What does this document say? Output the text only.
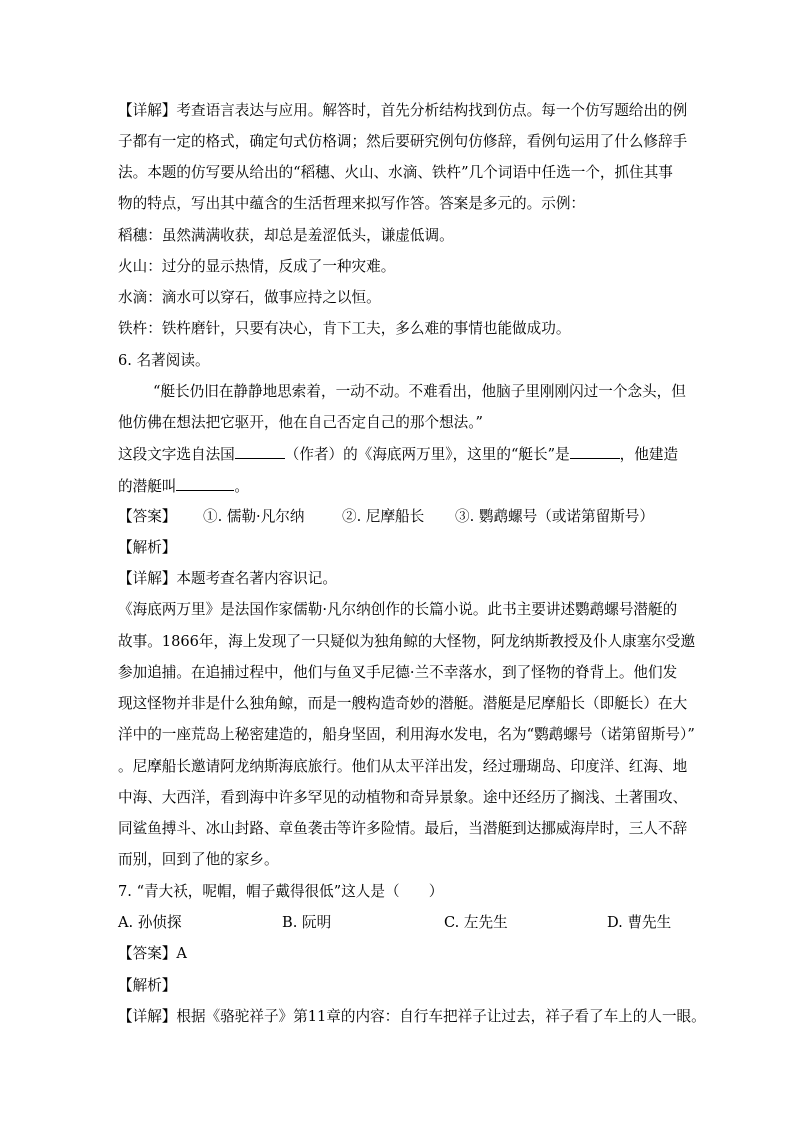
【详解】考查语言表达与应用。解答时，首先分析结构找到仿点。每一个仿写题给出的例
子都有一定的格式，确定句式仿格调；然后要研究例句仿修辞，看例句运用了什么修辞手
法。本题的仿写要从给出的“稻穗、火山、水滴、铁杵”几个词语中任选一个，抓住其事
物的特点，写出其中蕴含的生活哲理来拟写作答。答案是多元的。示例：
稻穗：虽然满满收获，却总是羞涩低头，谦虚低调。
火山：过分的显示热情，反成了一种灾难。
水滴：滴水可以穿石，做事应持之以恒。
铁杵：铁杵磨针，只要有决心，肯下工夫，多么难的事情也能做成功。
6. 名著阅读。
“艇长仍旧在静静地思索着，一动不动。不难看出，他脑子里刚刚闪过一个念头，但
他仿佛在想法把它驱开，他在自己否定自己的那个想法。”
这段文字选自法国	（作者）的《海底两万里》，这里的“艇长”是	，他建造
的潜艇叫	。
【答案】 ①. 儒勒·凡尔纳	②. 尼摩船长 ③. 鹦鹉螺号（或诺第留斯号）
【解析】
【详解】本题考查名著内容识记。
《海底两万里》是法国作家儒勒·凡尔纳创作的长篇小说。此书主要讲述鹦鹉螺号潜艇的
故事。1866年，海上发现了一只疑似为独角鲸的大怪物，阿龙纳斯教授及仆人康塞尔受邀
参加追捕。在追捕过程中，他们与鱼叉手尼德·兰不幸落水，到了怪物的脊背上。他们发
现这怪物并非是什么独角鲸，而是一艘构造奇妙的潜艇。潜艇是尼摩船长（即艇长）在大
洋中的一座荒岛上秘密建造的，船身坚固，利用海水发电，名为“鹦鹉螺号（诺第留斯号）”
。尼摩船长邀请阿龙纳斯海底旅行。他们从太平洋出发，经过珊瑚岛、印度洋、红海、地
中海、大西洋，看到海中许多罕见的动植物和奇异景象。途中还经历了搁浅、土著围攻、
同鲨鱼搏斗、冰山封路、章鱼袭击等许多险情。最后，当潜艇到达挪威海岸时，三人不辞
而别，回到了他的家乡。
7. “青大袄，呢帽，帽子戴得很低”这人是（　　）
A. 孙侦探	B. 阮明	C. 左先生	D. 曹先生
【答案】A
【解析】
【详解】根据《骆驼祥子》第11章的内容：自行车把祥子让过去，祥子看了车上的人一眼。
